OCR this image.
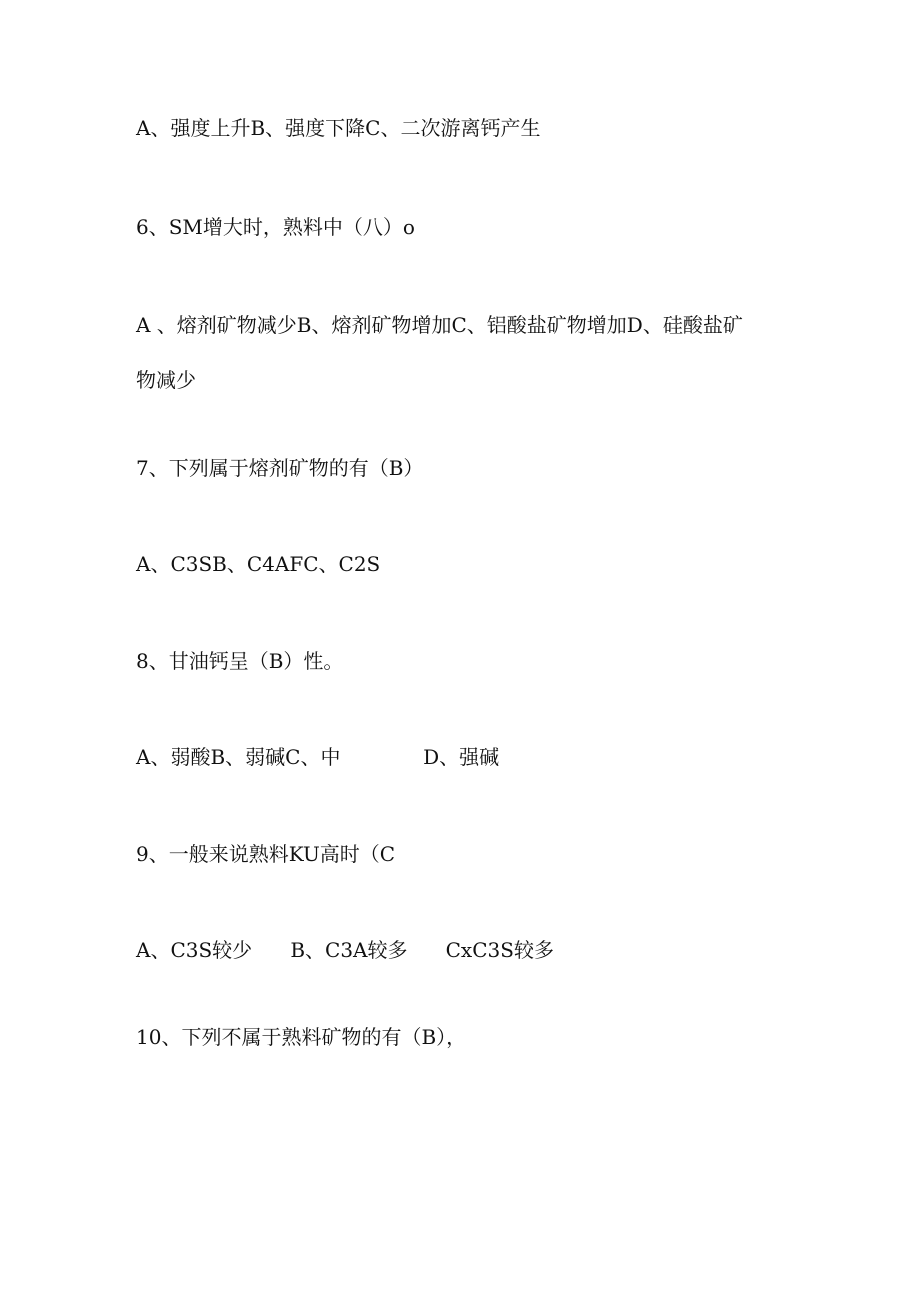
A、强度上升B、强度下降C、二次游离钙产生
6、SM增大时，熟料中（八）o
A 、熔剂矿物减少B、熔剂矿物增加C、铝酸盐矿物增加D、硅酸盐矿
物减少
7、下列属于熔剂矿物的有（B）
A、C3SB、C4AFC、C2S
8、甘油钙呈（B）性。
A、弱酸B、弱碱C、中             D、强碱
9、一般来说熟料KU高时（C
A、C3S较少      B、C3A较多      CxC3S较多
10、下列不属于熟料矿物的有（B），
